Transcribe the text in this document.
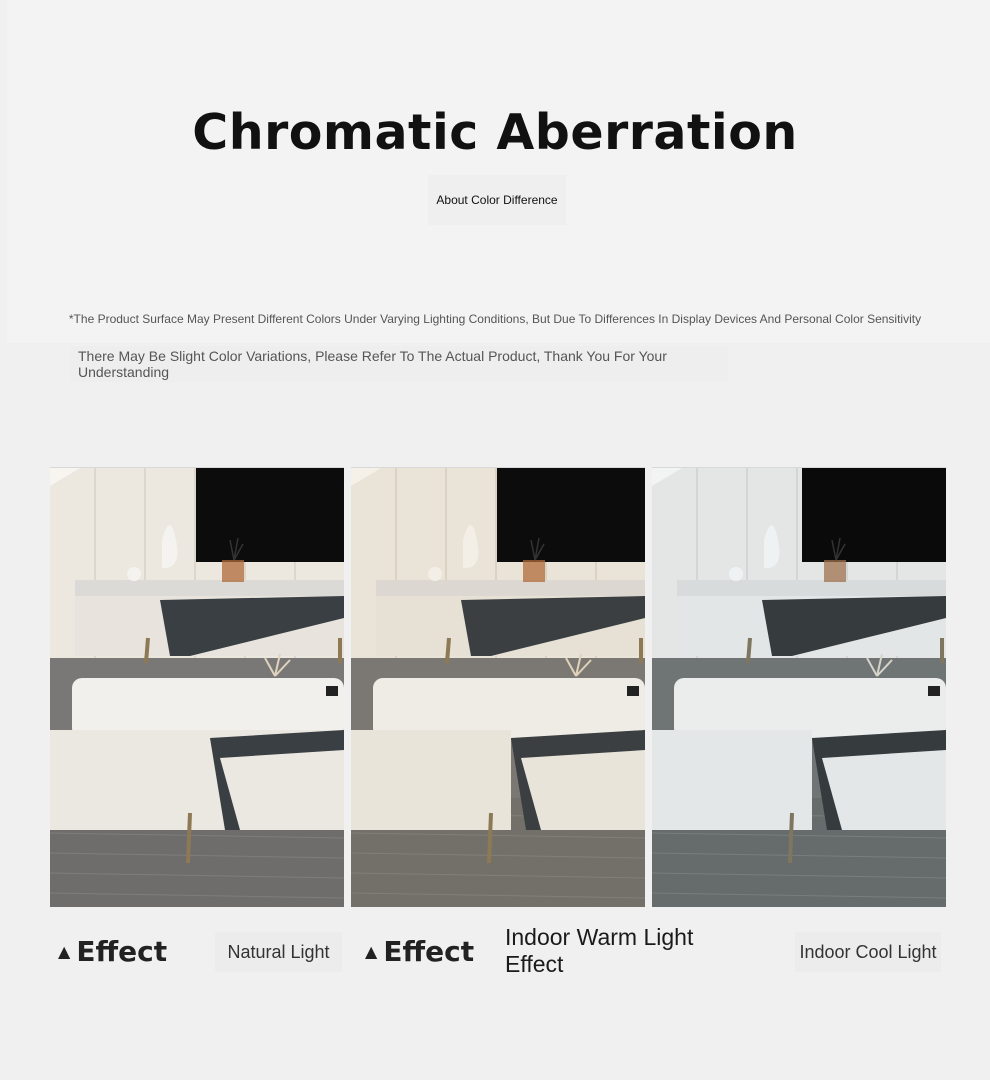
Chromatic Aberration
About Color Difference
*The Product Surface May Present Different Colors Under Varying Lighting Conditions, But Due To Differences In Display Devices And Personal Color Sensitivity
There May Be Slight Color Variations, Please Refer To The Actual Product, Thank You For Your Understanding
▲ Effect	Natural Light	▲ Effect Indoor Warm Light Effect	Indoor Cool Light
